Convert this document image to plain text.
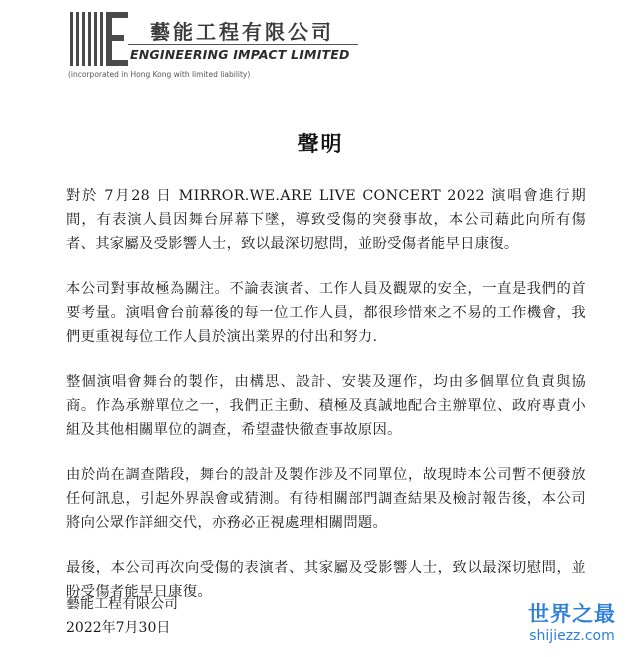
藝能工程有限公司
ENGINEERING IMPACT LIMITED
(incorporated in Hong Kong with limited liability)
聲明

對於 7月28 日 MIRROR.WE.ARE LIVE CONCERT 2022 演唱會進行期間，有表演人員因舞台屏幕下墜，導致受傷的突發事故，本公司藉此向所有傷者、其家屬及受影響人士，致以最深切慰問，並盼受傷者能早日康復。

本公司對事故極為關注。不論表演者、工作人員及觀眾的安全，一直是我們的首要考量。演唱會台前幕後的每一位工作人員，都很珍惜來之不易的工作機會，我們更重視每位工作人員於演出業界的付出和努力.

整個演唱會舞台的製作，由構思、設計、安裝及運作，均由多個單位負責與協商。作為承辦單位之一，我們正主動、積極及真誠地配合主辦單位、政府專責小組及其他相關單位的調查，希望盡快徹查事故原因。

由於尚在調查階段，舞台的設計及製作涉及不同單位，故現時本公司暫不便發放任何訊息，引起外界誤會或猜測。有待相關部門調查結果及檢討報告後，本公司將向公眾作詳細交代，亦務必正視處理相關問題。

最後，本公司再次向受傷的表演者、其家屬及受影響人士，致以最深切慰問，並盼受傷者能早日康復。

藝能工程有限公司
2022年7月30日
世界之最
shijiezz.com
